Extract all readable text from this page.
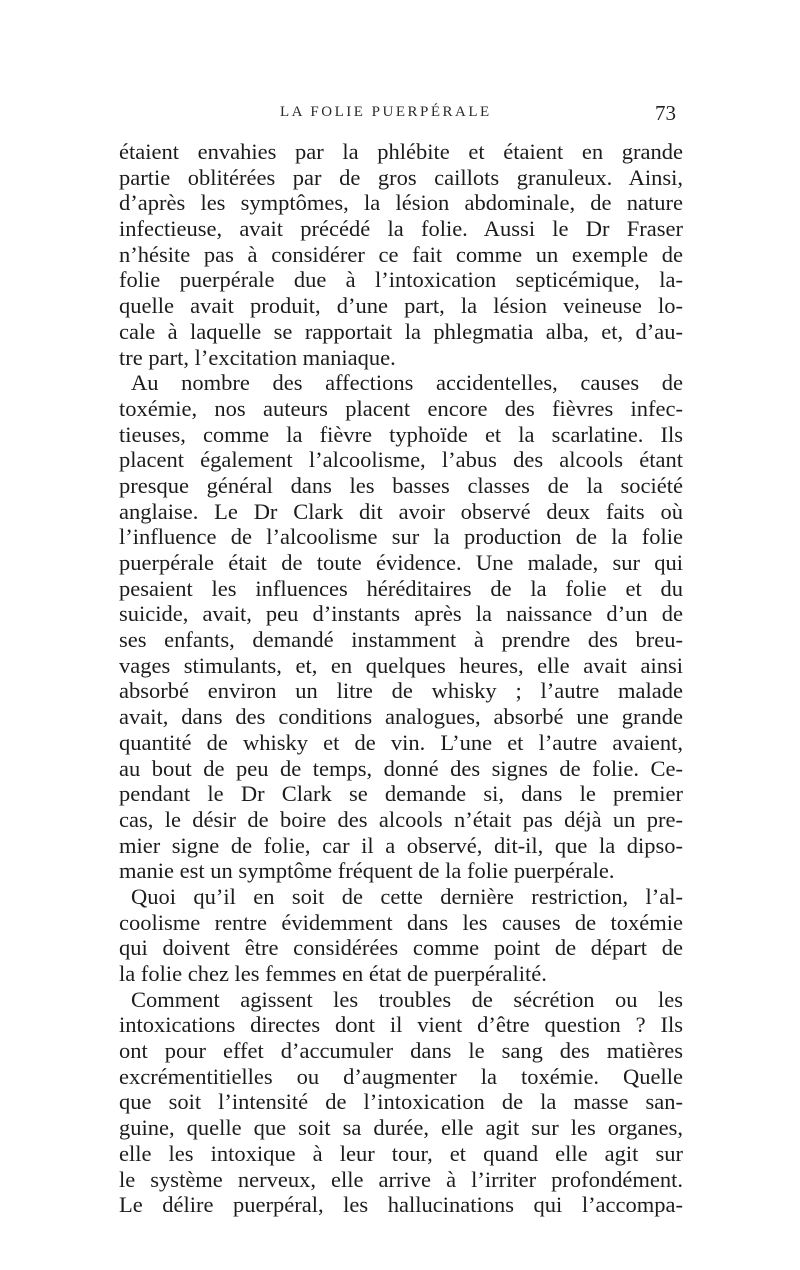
LA FOLIE PUERPÉRALE	73
étaient envahies par la phlébite et étaient en grande
partie oblitérées par de gros caillots granuleux. Ainsi,
d’après les symptômes, la lésion abdominale, de nature
infectieuse, avait précédé la folie. Aussi le Dr Fraser
n’hésite pas à considérer ce fait comme un exemple de
folie puerpérale due à l’intoxication septicémique, la-
quelle avait produit, d’une part, la lésion veineuse lo-
cale à laquelle se rapportait la phlegmatia alba, et, d’au-
tre part, l’excitation maniaque.
Au nombre des affections accidentelles, causes de
toxémie, nos auteurs placent encore des fièvres infec-
tieuses, comme la fièvre typhoïde et la scarlatine. Ils
placent également l’alcoolisme, l’abus des alcools étant
presque général dans les basses classes de la société
anglaise. Le Dr Clark dit avoir observé deux faits où
l’influence de l’alcoolisme sur la production de la folie
puerpérale était de toute évidence. Une malade, sur qui
pesaient les influences héréditaires de la folie et du
suicide, avait, peu d’instants après la naissance d’un de
ses enfants, demandé instamment à prendre des breu-
vages stimulants, et, en quelques heures, elle avait ainsi
absorbé environ un litre de whisky ; l’autre malade
avait, dans des conditions analogues, absorbé une grande
quantité de whisky et de vin. L’une et l’autre avaient,
au bout de peu de temps, donné des signes de folie. Ce-
pendant le Dr Clark se demande si, dans le premier
cas, le désir de boire des alcools n’était pas déjà un pre-
mier signe de folie, car il a observé, dit-il, que la dipso-
manie est un symptôme fréquent de la folie puerpérale.
Quoi qu’il en soit de cette dernière restriction, l’al-
coolisme rentre évidemment dans les causes de toxémie
qui doivent être considérées comme point de départ de
la folie chez les femmes en état de puerpéralité.
Comment agissent les troubles de sécrétion ou les
intoxications directes dont il vient d’être question ? Ils
ont pour effet d’accumuler dans le sang des matières
excrémentitielles ou d’augmenter la toxémie. Quelle
que soit l’intensité de l’intoxication de la masse san-
guine, quelle que soit sa durée, elle agit sur les organes,
elle les intoxique à leur tour, et quand elle agit sur
le système nerveux, elle arrive à l’irriter profondément.
Le délire puerpéral, les hallucinations qui l’accompa-
